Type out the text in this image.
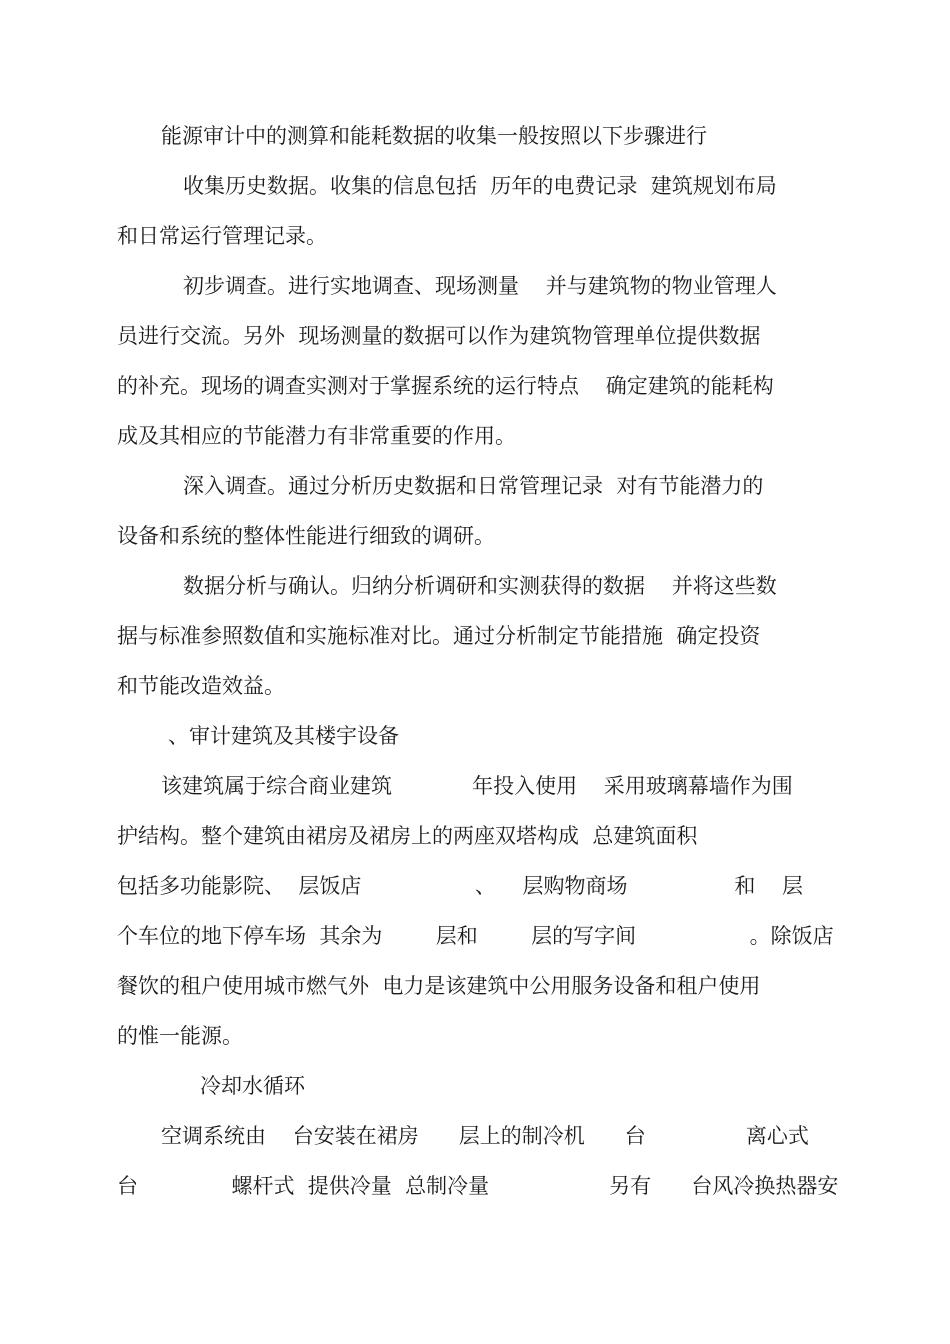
能源审计中的测算和能耗数据的收集一般按照以下步骤进行
收集历史数据。收集的信息包括  历年的电费记录  建筑规划布局
和日常运行管理记录。
初步调查。进行实地调查、现场测量    并与建筑物的物业管理人
员进行交流。另外  现场测量的数据可以作为建筑物管理单位提供数据
的补充。现场的调查实测对于掌握系统的运行特点    确定建筑的能耗构
成及其相应的节能潜力有非常重要的作用。
深入调查。通过分析历史数据和日常管理记录  对有节能潜力的
设备和系统的整体性能进行细致的调研。
数据分析与确认。归纳分析调研和实测获得的数据    并将这些数
据与标准参照数值和实施标准对比。通过分析制定节能措施  确定投资
和节能改造效益。
、审计建筑及其楼宇设备
该建筑属于综合商业建筑            年投入使用    采用玻璃幕墙作为围
护结构。整个建筑由裙房及裙房上的两座双塔构成  总建筑面积
包括多功能影院、  层饭店                 、    层购物商场                和    层
个车位的地下停车场  其余为        层和        层的写字间                 。除饭店
餐饮的租户使用城市燃气外  电力是该建筑中公用服务设备和租户使用
的惟一能源。
冷却水循环
空调系统由    台安装在裙房      层上的制冷机      台               离心式
台              螺杆式  提供冷量  总制冷量                  另有      台风冷换热器安
